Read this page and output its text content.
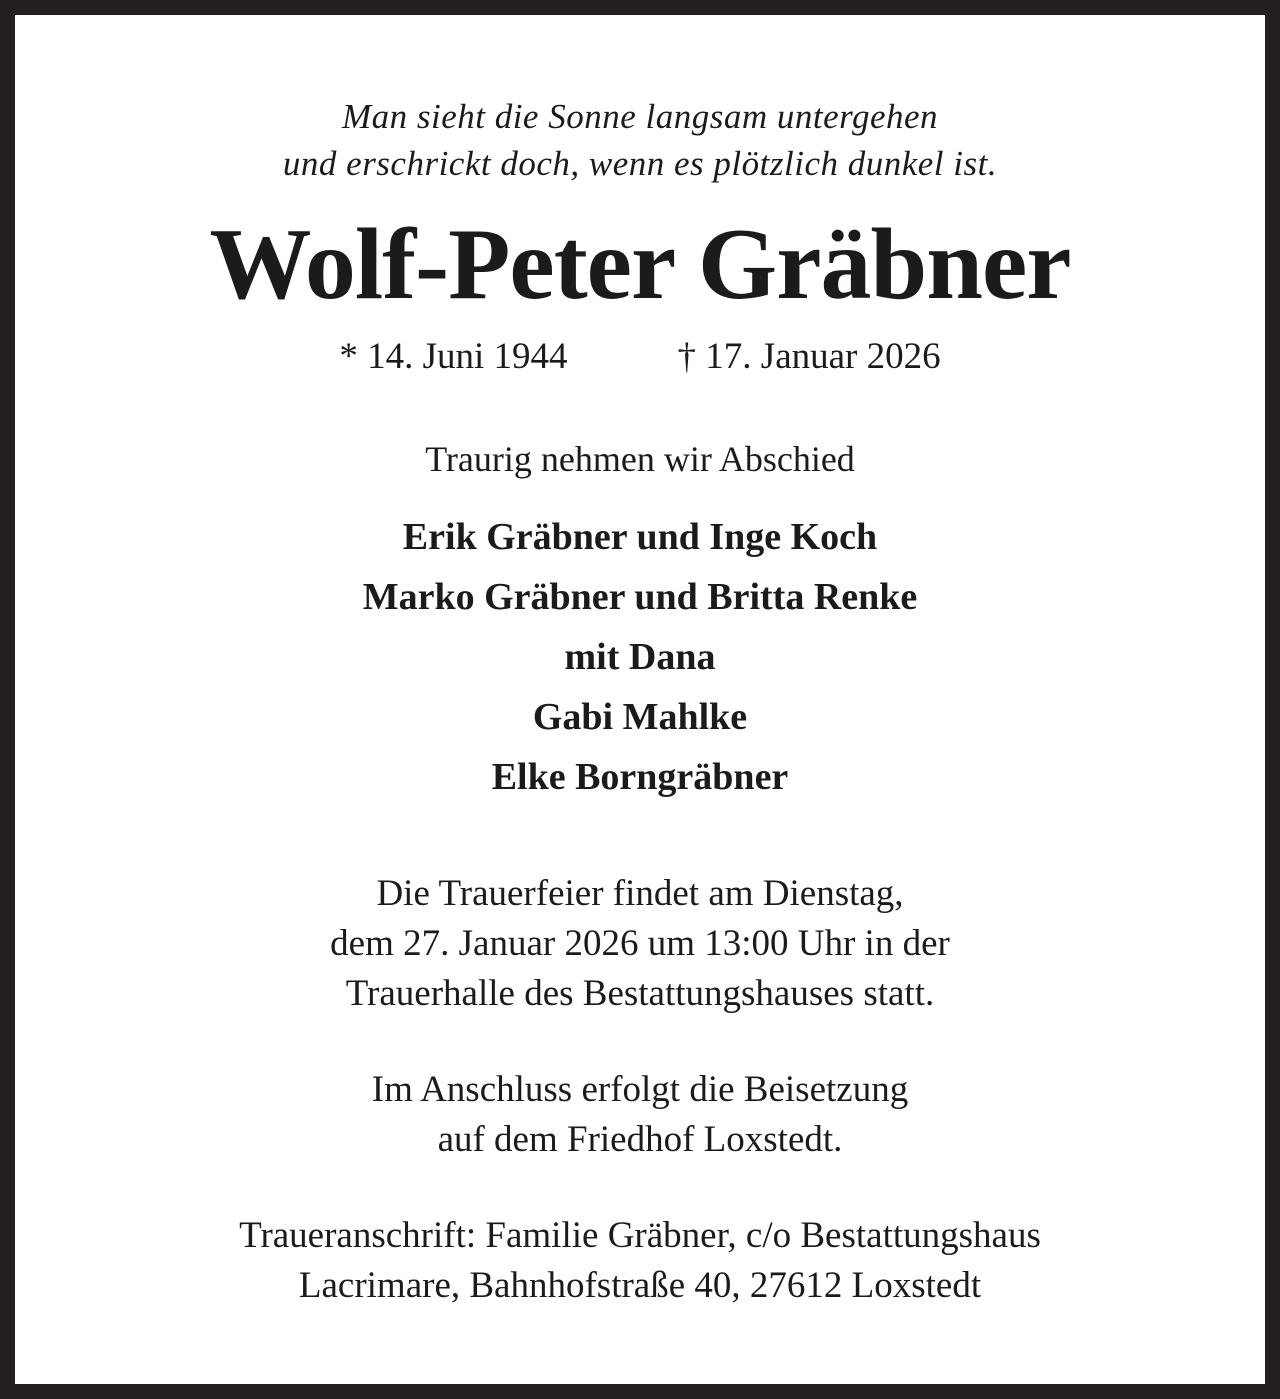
Man sieht die Sonne langsam untergehen
und erschrickt doch, wenn es plötzlich dunkel ist.
Wolf-Peter Gräbner
* 14. Juni 1944	† 17. Januar 2026
Traurig nehmen wir Abschied
Erik Gräbner und Inge Koch
Marko Gräbner und Britta Renke
mit Dana
Gabi Mahlke
Elke Borngräbner
Die Trauerfeier findet am Dienstag,
dem 27. Januar 2026 um 13:00 Uhr in der
Trauerhalle des Bestattungshauses statt.
Im Anschluss erfolgt die Beisetzung
auf dem Friedhof Loxstedt.
Traueranschrift: Familie Gräbner, c/o Bestattungshaus
Lacrimare, Bahnhofstraße 40, 27612 Loxstedt
